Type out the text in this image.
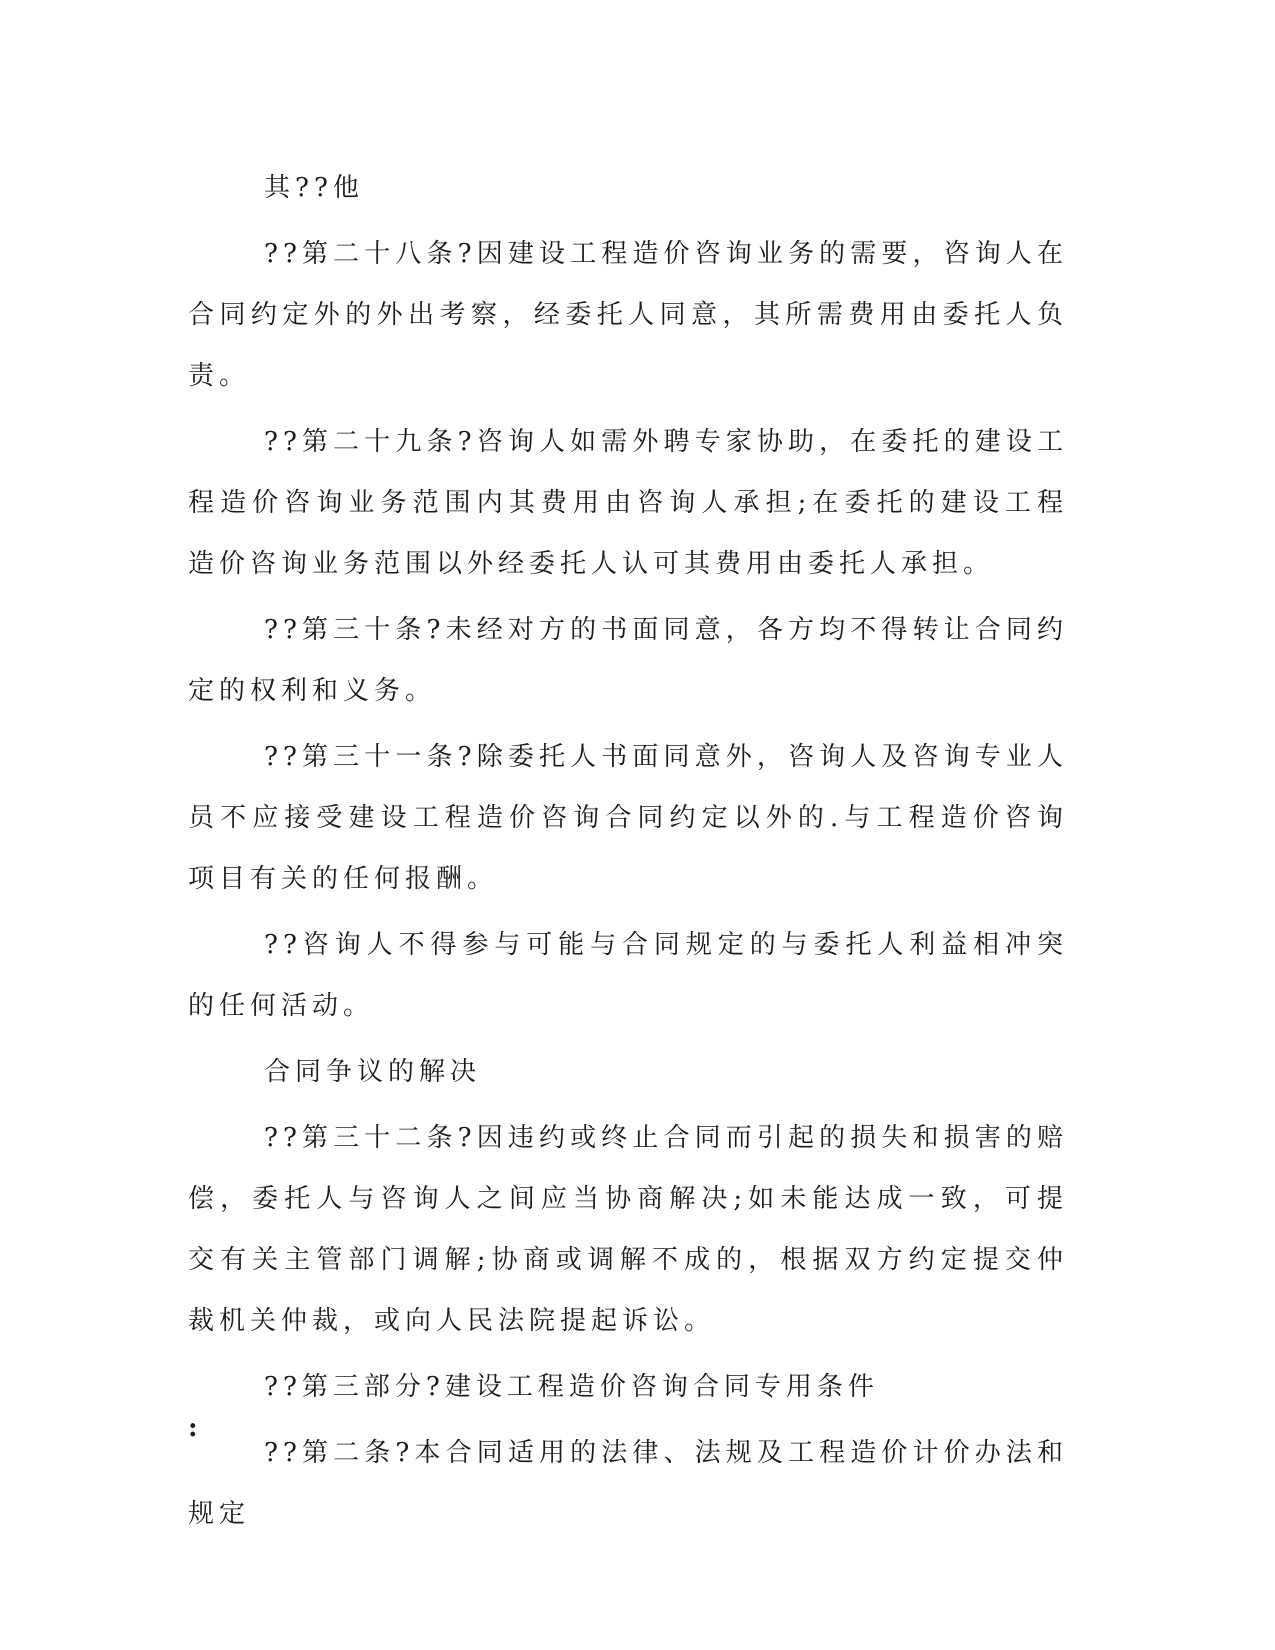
其??他

??第二十八条?因建设工程造价咨询业务的需要，咨询人在合同约定外的外出考察，经委托人同意，其所需费用由委托人负责。

??第二十九条?咨询人如需外聘专家协助，在委托的建设工程造价咨询业务范围内其费用由咨询人承担;在委托的建设工程造价咨询业务范围以外经委托人认可其费用由委托人承担。

??第三十条?未经对方的书面同意，各方均不得转让合同约定的权利和义务。

??第三十一条?除委托人书面同意外，咨询人及咨询专业人员不应接受建设工程造价咨询合同约定以外的.与工程造价咨询项目有关的任何报酬。

??咨询人不得参与可能与合同规定的与委托人利益相冲突的任何活动。

合同争议的解决

??第三十二条?因违约或终止合同而引起的损失和损害的赔偿，委托人与咨询人之间应当协商解决;如未能达成一致，可提交有关主管部门调解;协商或调解不成的，根据双方约定提交仲裁机关仲裁，或向人民法院提起诉讼。

??第三部分?建设工程造价咨询合同专用条件

??第二条?本合同适用的法律、法规及工程造价计价办法和规定

:
